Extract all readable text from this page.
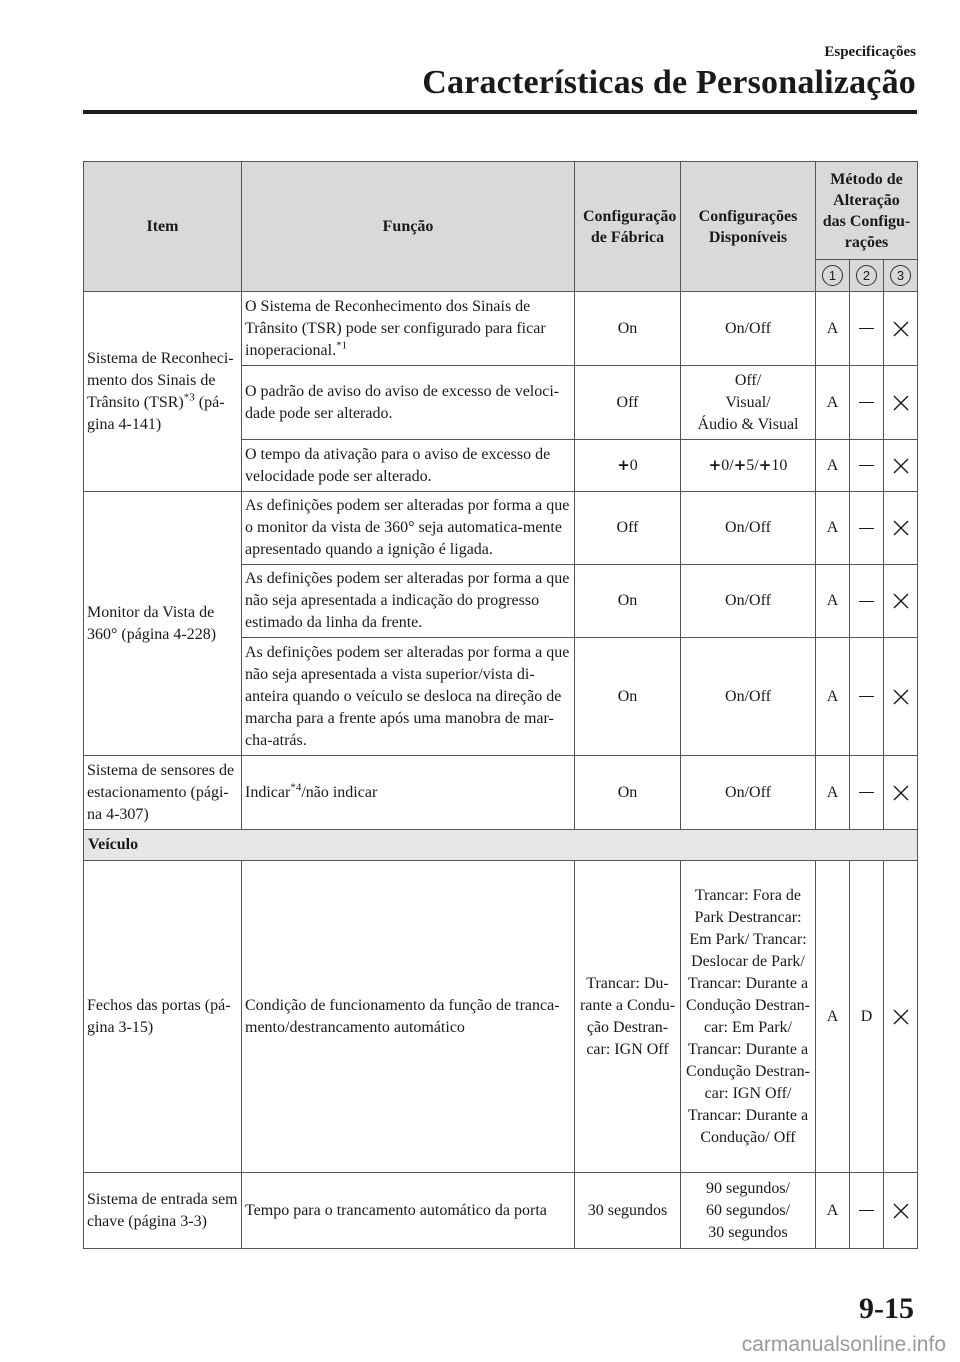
Especificações
Características de Personalização
Item	Função	Configuração de Fábrica	Configurações Disponíveis	Método de Alteração das Configu-rações		
				1	2	3
Sistema de Reconheci-mento dos Sinais de Trânsito (TSR)$^{*3}$ (pá-gina 4-141)	O Sistema de Reconhecimento dos Sinais de Trânsito (TSR) pode ser configurado para ficar inoperacional.$^{*1}$	On	On/Off	A		
	O padrão de aviso do aviso de excesso de veloci-dade pode ser alterado.	Off	Off/
Visual/
Áudio & Visual	A		
	O tempo da ativação para o aviso de excesso de velocidade pode ser alterado.	+0	+0/+5/+10	A		
Monitor da Vista de 360° (página 4-228)	As definições podem ser alteradas por forma a que o monitor da vista de 360° seja automatica-mente apresentado quando a ignição é ligada.	Off	On/Off	A		
	As definições podem ser alteradas por forma a que não seja apresentada a indicação do progresso estimado da linha da frente.	On	On/Off	A		
	As definições podem ser alteradas por forma a que não seja apresentada a vista superior/vista di-anteira quando o veículo se desloca na direção de marcha para a frente após uma manobra de mar-cha-atrás.	On	On/Off	A		
Sistema de sensores de estacionamento (pági-na 4-307)	Indicar$^{*4}$/não indicar	On	On/Off	A		
Veículo						
Fechos das portas (pá-gina 3-15)	Condição de funcionamento da função de tranca-mento/destrancamento automático	Trancar: Du-rante a Condu-ção Destran-car: IGN Off	Trancar: Fora de Park Destrancar: Em Park/ Trancar: Deslocar de Park/ Trancar: Durante a Condução Destran-car: Em Park/ Trancar: Durante a Condução Destran-car: IGN Off/ Trancar: Durante a Condução/ Off	A	D	
Sistema de entrada sem chave (página 3-3)	Tempo para o trancamento automático da porta	30 segundos	90 segundos/
60 segundos/
30 segundos	A		
9-15
carmanualsonline.info
